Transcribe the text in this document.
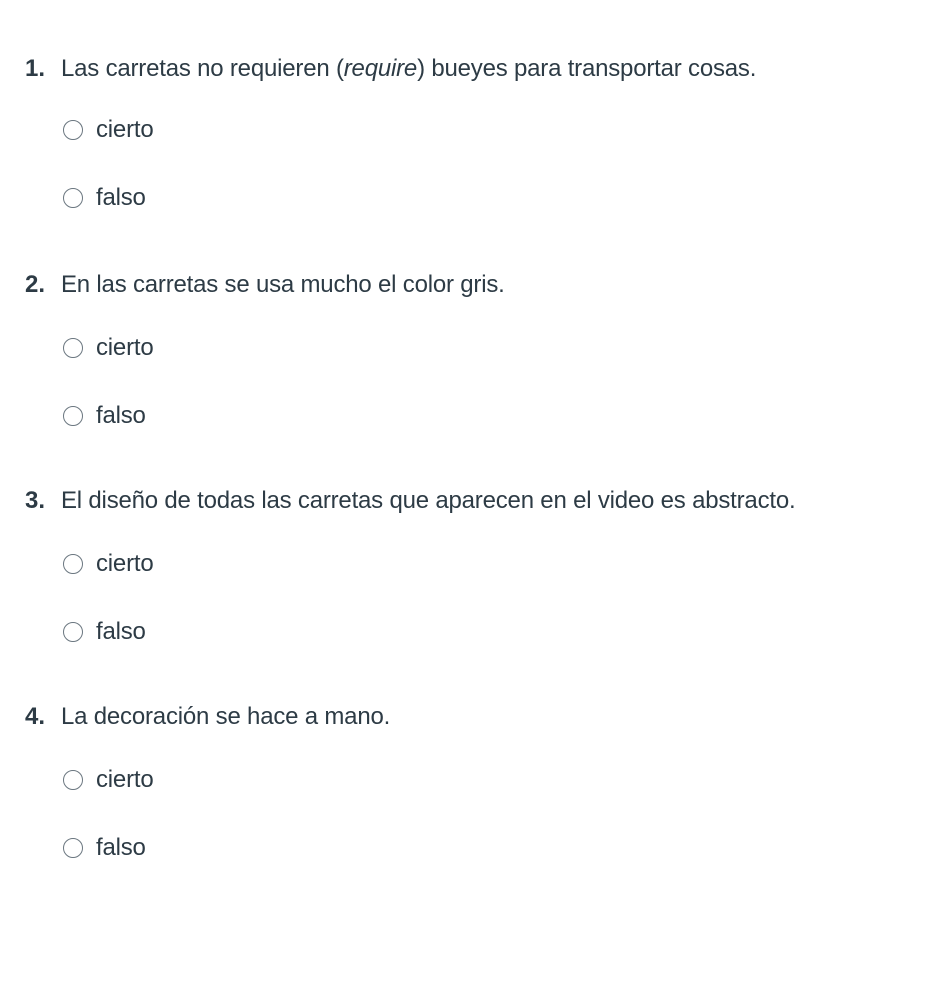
1. Las carretas no requieren (require) bueyes para transportar cosas.
cierto
falso
2. En las carretas se usa mucho el color gris.
cierto
falso
3. El diseño de todas las carretas que aparecen en el video es abstracto.
cierto
falso
4. La decoración se hace a mano.
cierto
falso
